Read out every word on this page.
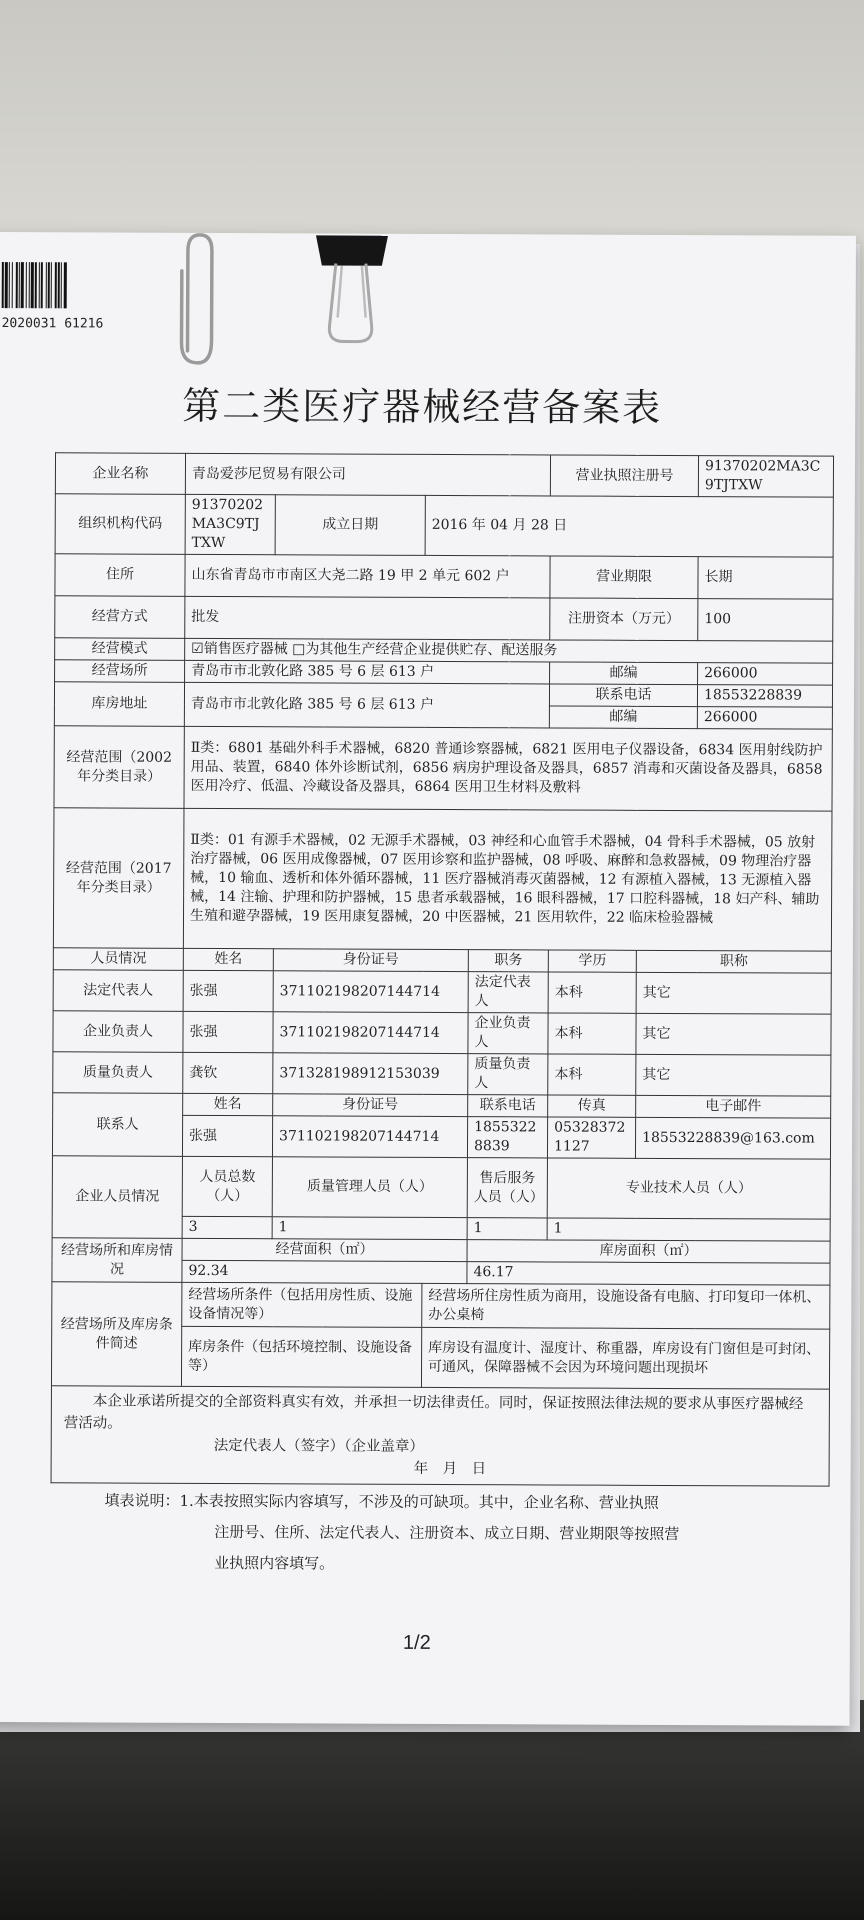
2020031 61216
第二类医疗器械经营备案表
企业名称	青岛爱莎尼贸易有限公司				营业执照注册号		91370202MA3C9TJTXW
组织机构代码	91370202MA3C9TJTXW	成立日期	2016 年 04 月 28 日				
住所	山东省青岛市市南区大尧二路 19 甲 2 单元 602 户				营业期限		长期
经营方式	批发				注册资本（万元）		100
经营模式	☑销售医疗器械 □为其他生产经营企业提供贮存、配送服务						
经营场所	青岛市市北敦化路 385 号 6 层 613 户				邮编		266000
库房地址	青岛市市北敦化路 385 号 6 层 613 户				联系电话		18553228839
					邮编		266000
经营范围（2002 年分类目录）	Ⅱ类：6801 基础外科手术器械，6820 普通诊察器械，6821 医用电子仪器设备，6834 医用射线防护用品、装置，6840 体外诊断试剂，6856 病房护理设备及器具，6857 消毒和灭菌设备及器具，6858 医用冷疗、低温、冷藏设备及器具，6864 医用卫生材料及敷料						
经营范围（2017 年分类目录）	Ⅱ类：01 有源手术器械，02 无源手术器械，03 神经和心血管手术器械，04 骨科手术器械，05 放射治疗器械，06 医用成像器械，07 医用诊察和监护器械，08 呼吸、麻醉和急救器械，09 物理治疗器械，10 输血、透析和体外循环器械，11 医疗器械消毒灭菌器械，12 有源植入器械，13 无源植入器械，14 注输、护理和防护器械，15 患者承载器械，16 眼科器械，17 口腔科器械，18 妇产科、辅助生殖和避孕器械，19 医用康复器械，20 中医器械，21 医用软件，22 临床检验器械						
人员情况	姓名	身份证号		职务	学历	职称	
法定代表人	张强	371102198207144714		法定代表人	本科	其它	
企业负责人	张强	371102198207144714		企业负责人	本科	其它	
质量负责人	龚钦	371328198912153039		质量负责人	本科	其它	
联系人	姓名	身份证号		联系电话	传真	电子邮件	
	张强	371102198207144714		18553228839	053283721127	18553228839@163.com	
企业人员情况	人员总数（人）	质量管理人员（人）		售后服务人员（人）	专业技术人员（人）		
	3	1		1	1		
经营场所和库房情况	经营面积（㎡）			库房面积（㎡）			
	92.34			46.17			
经营场所及库房条件简述	经营场所条件（包括用房性质、设施设备情况等）		经营场所住房性质为商用，设施设备有电脑、打印复印一体机、办公桌椅				
	库房条件（包括环境控制、设施设备等）		库房设有温度计、湿度计、称重器，库房设有门窗但是可封闭、可通风，保障器械不会因为环境问题出现损坏				

本企业承诺所提交的全部资料真实有效，并承担一切法律责任。同时，保证按照法律法规的要求从事医疗器械经营活动。
法定代表人（签字）（企业盖章）
年　月　日							
填表说明：1.本表按照实际内容填写，不涉及的可缺项。其中，企业名称、营业执照
注册号、住所、法定代表人、注册资本、成立日期、营业期限等按照营
业执照内容填写。
1/2
